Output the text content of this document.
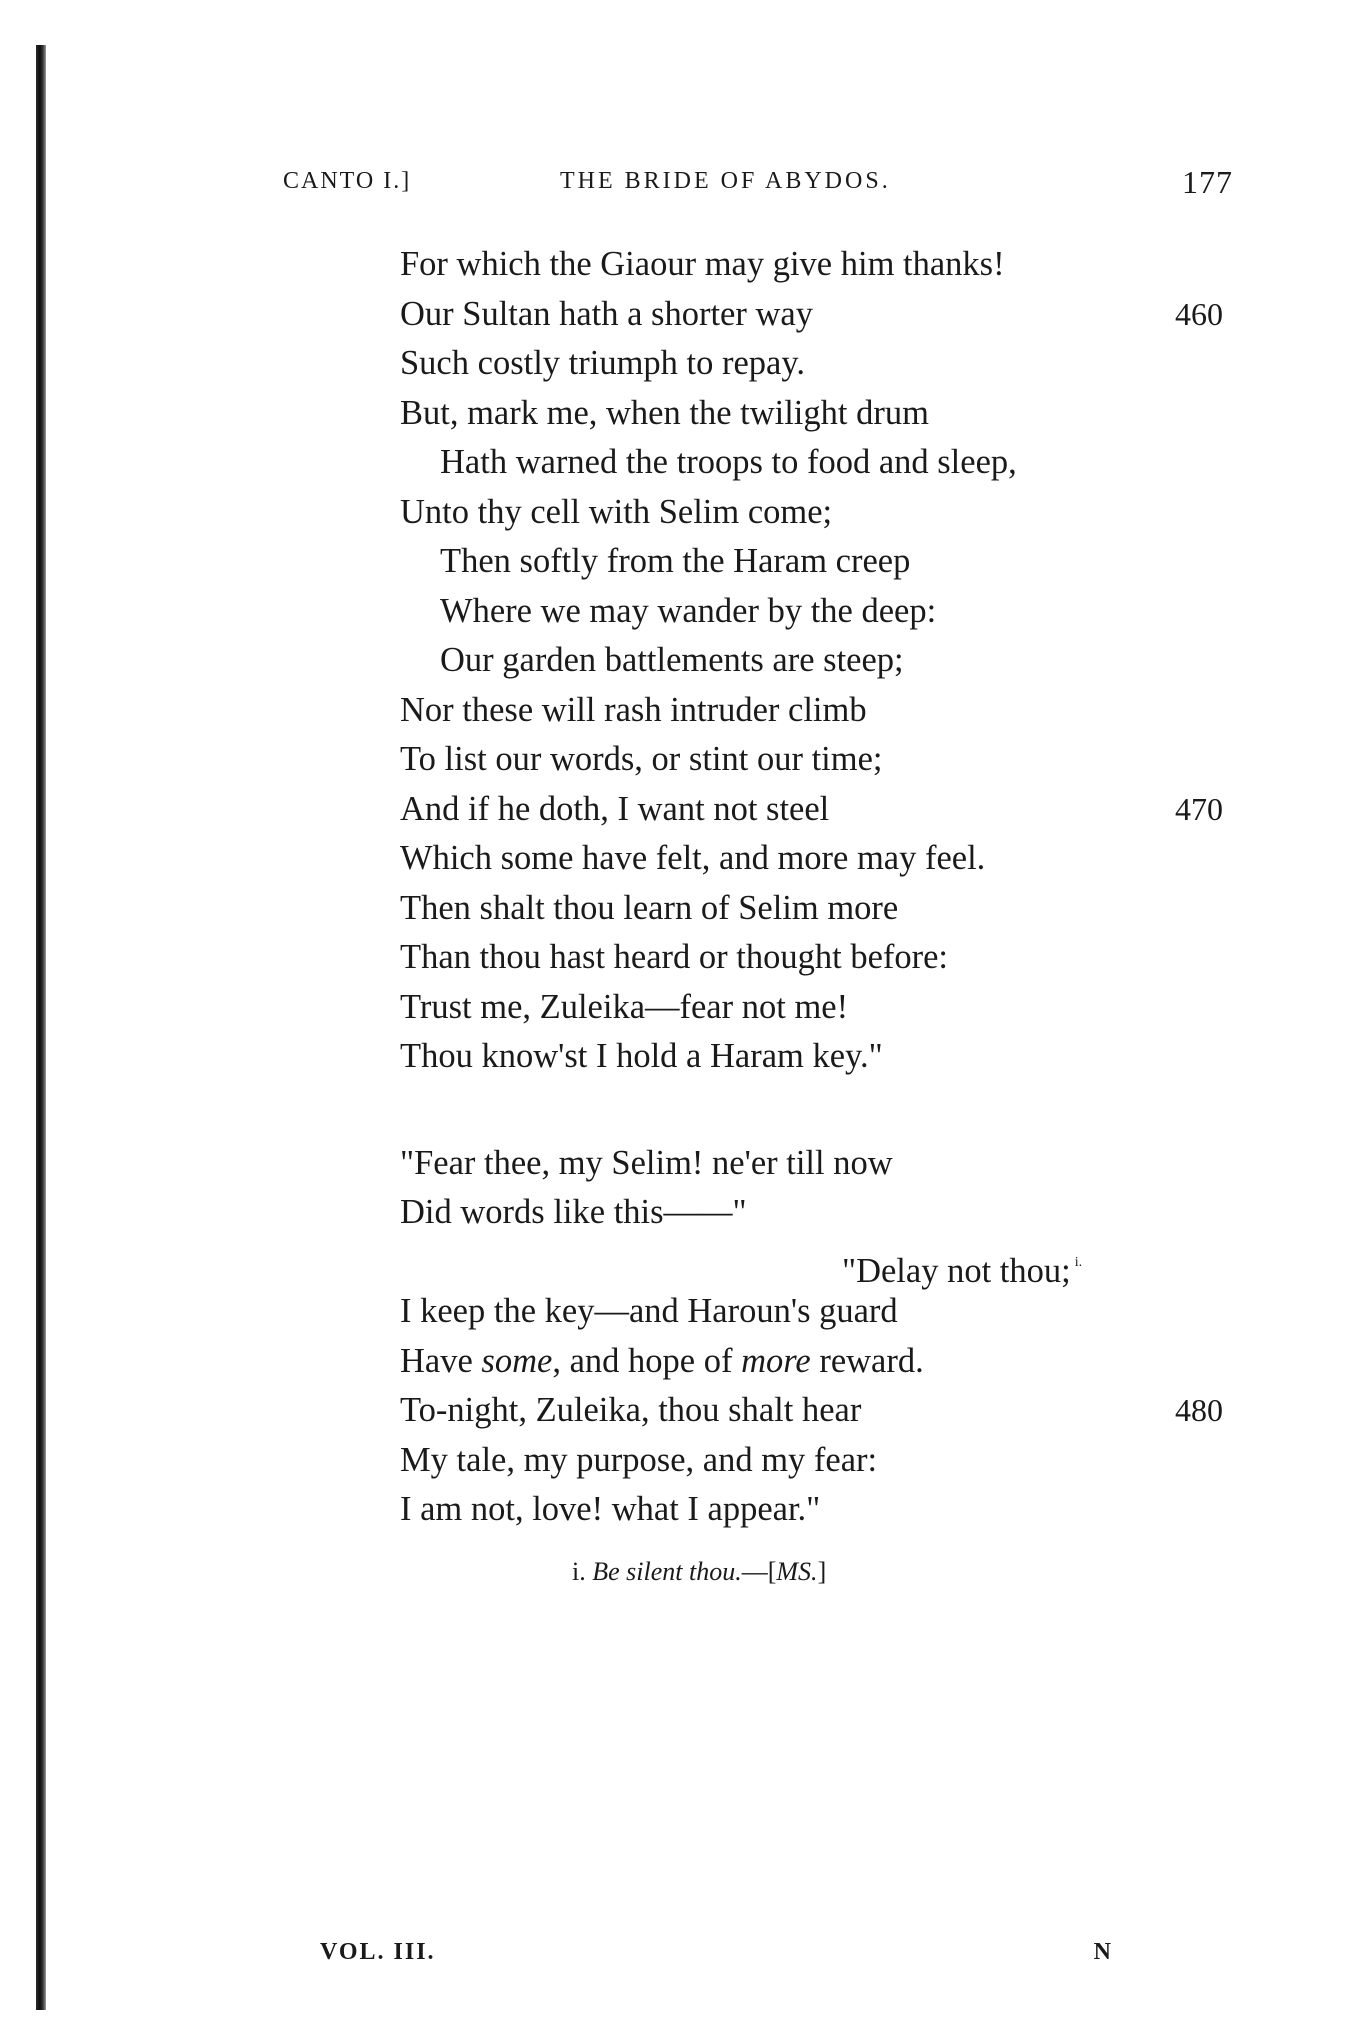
CANTO I.]	THE BRIDE OF ABYDOS.	177
For which the Giaour may give him thanks!
Our Sultan hath a shorter way	460
Such costly triumph to repay.
But, mark me, when the twilight drum
Hath warned the troops to food and sleep,
Unto thy cell with Selim come;
Then softly from the Haram creep
Where we may wander by the deep:
Our garden battlements are steep;
Nor these will rash intruder climb
To list our words, or stint our time;
And if he doth, I want not steel	470
Which some have felt, and more may feel.
Then shalt thou learn of Selim more
Than thou hast heard or thought before:
Trust me, Zuleika—fear not me!
Thou know'st I hold a Haram key."
"Fear thee, my Selim! ne'er till now
Did words like this——"
"Delay not thou; $^{i.}$
I keep the key—and Haroun's guard
Have some, and hope of more reward.
To-night, Zuleika, thou shalt hear	480
My tale, my purpose, and my fear:
I am not, love! what I appear."
i. Be silent thou.—[MS.]
VOL. III.	N
